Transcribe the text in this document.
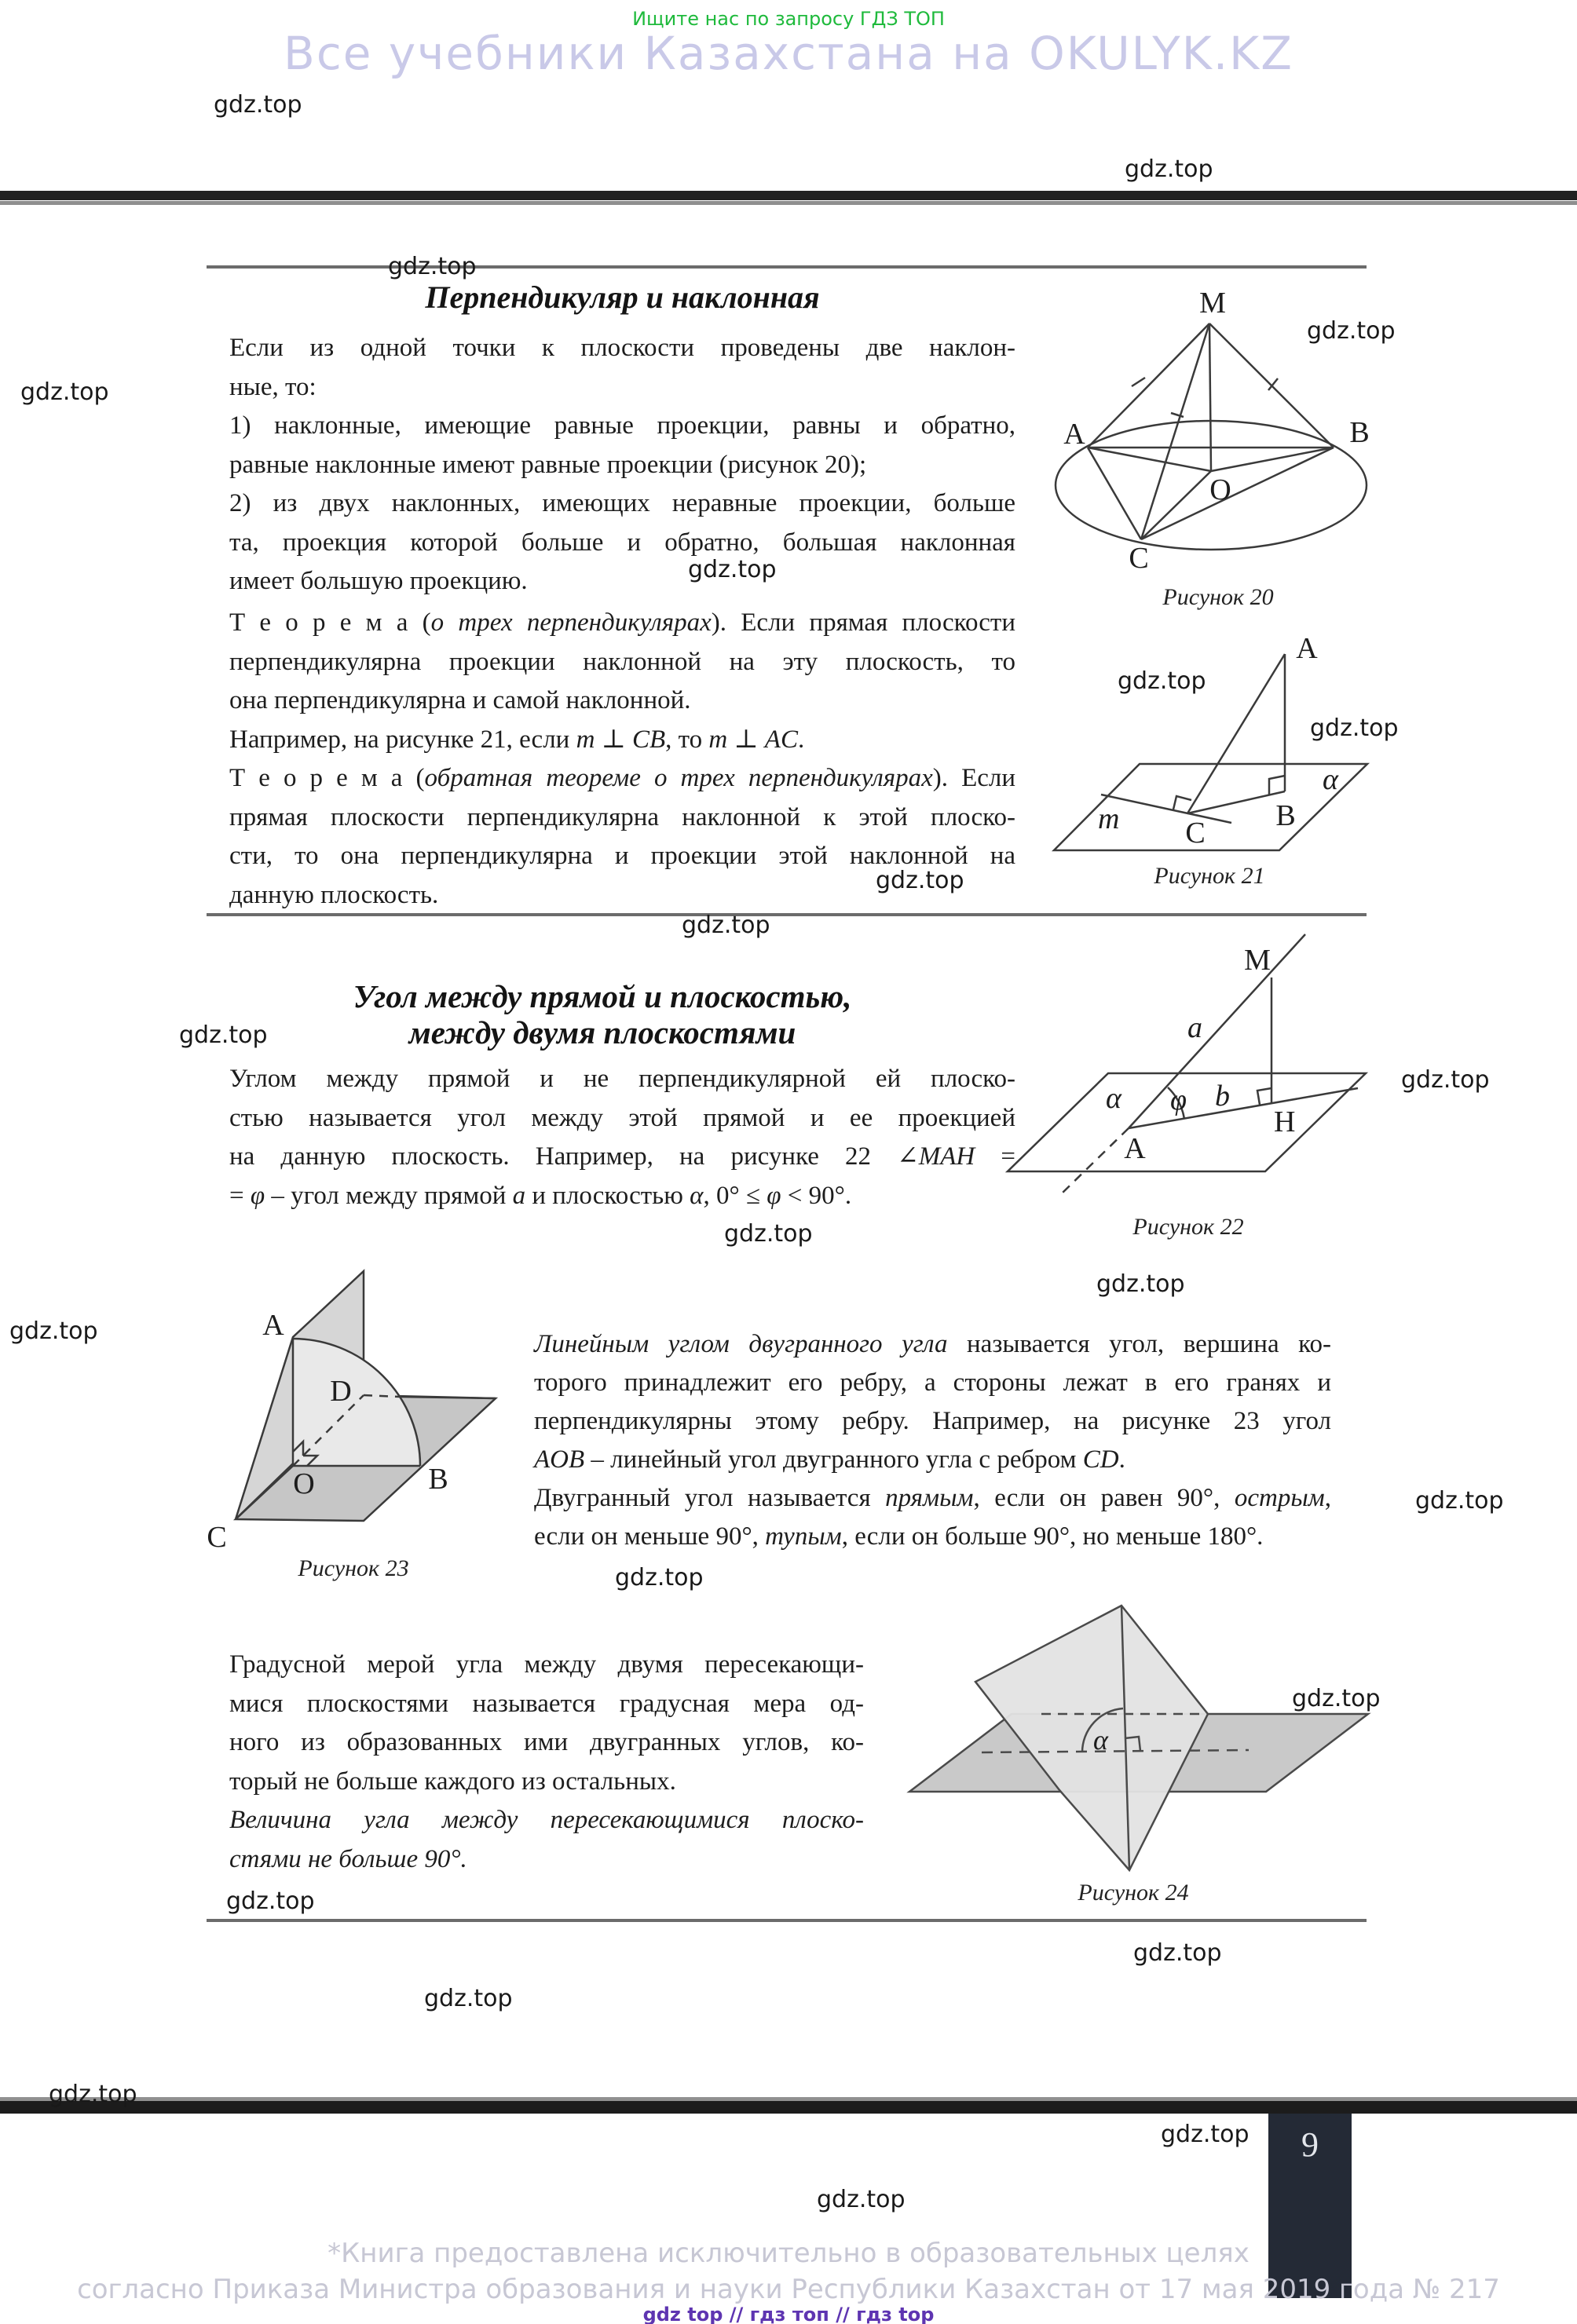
Ищите нас по запросу ГДЗ ТОП
Все учебники Казахстана на OKULYK.KZ
Перпендикуляр и наклонная
Если из одной точки к плоскости проведены две наклон-
ные, то:
1) наклонные, имеющие равные проекции, равны и обратно,
равные наклонные имеют равные проекции (рисунок 20);
2) из двух наклонных, имеющих неравные проекции, больше
та, проекция которой больше и обратно, большая наклонная
имеет большую проекцию.
Т е о р е м а (о трех перпендикулярах). Если прямая плоскости
перпендикулярна проекции наклонной на эту плоскость, то
она перпендикулярна и самой наклонной.
Например, на рисунке 21, если m ⊥ CB, то m ⊥ AC.
Т е о р е м а (обратная теореме о трех перпендикулярах). Если
прямая плоскости перпендикулярна наклонной к этой плоско-
сти, то она перпендикулярна и проекции этой наклонной на
данную плоскость.
Угол между прямой и плоскостью,
между двумя плоскостями
Углом между прямой и не перпендикулярной ей плоско-
стью называется угол между этой прямой и ее проекцией
на данную плоскость. Например, на рисунке 22 ∠MAH =
= φ – угол между прямой a и плоскостью α, 0° ≤ φ < 90°.
Линейным углом двугранного угла называется угол, вершина ко-
торого принадлежит его ребру, а стороны лежат в его гранях и
перпендикулярны этому ребру. Например, на рисунке 23 угол
AOB – линейный угол двугранного угла с ребром CD.
Двугранный угол называется прямым, если он равен 90°, острым,
если он меньше 90°, тупым, если он больше 90°, но меньше 180°.
Градусной мерой угла между двумя пересекающи-
мися плоскостями называется градусная мера од-
ного из образованных ими двугранных углов, ко-
торый не больше каждого из остальных.
Величина угла между пересекающимися плоско-
стями не больше 90°.
M
A	B
O
C
Рисунок 20
A
B
C
m
α
Рисунок 21
M
a
b
H
A
α φ
Рисунок 22
A
C
O	B
D
Рисунок 23
α
Рисунок 24
9
*Книга предоставлена исключительно в образовательных целях
согласно Приказа Министра образования и науки Республики Казахстан от 17 мая 2019 года № 217
gdz top // гдз топ // гдз top
gdz.top
gdz.top
gdz.top
gdz.top
gdz.top
gdz.top
gdz.top
gdz.top
gdz.top
gdz.top
gdz.top
gdz.top
gdz.top
gdz.top
gdz.top
gdz.top
gdz.top
gdz.top
gdz.top
gdz.top
gdz.top
gdz.top
gdz.top
gdz.top
